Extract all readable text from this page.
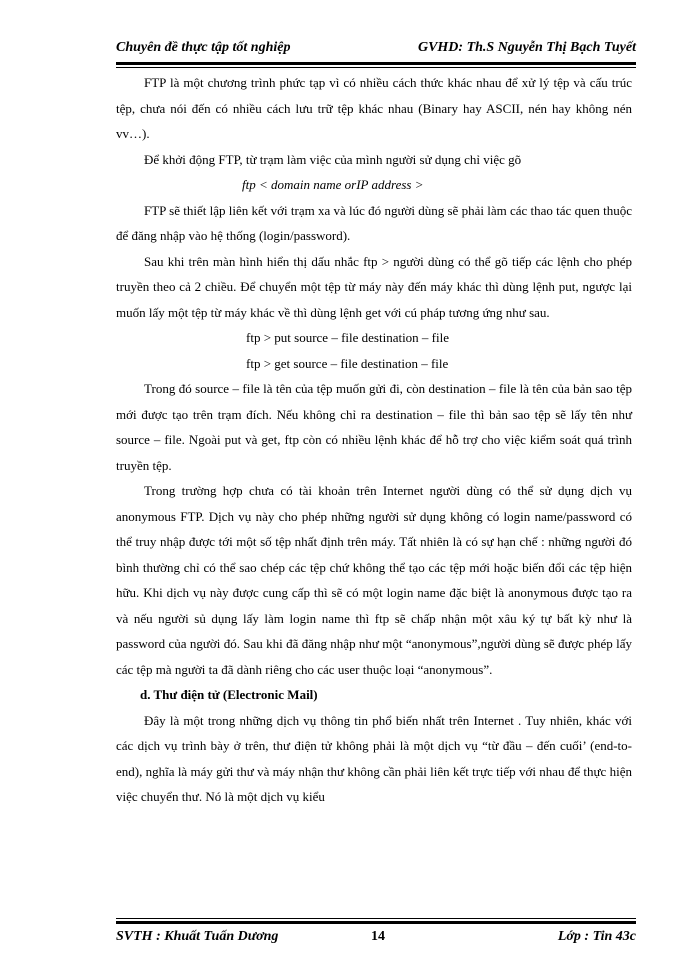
Chuyên đề thực tập tốt nghiệp	GVHD: Th.S Nguyễn Thị Bạch Tuyết

FTP là một chương trình phức tạp vì có nhiều cách thức khác nhau để xử lý tệp và cấu trúc tệp, chưa nói đến có nhiều cách lưu trữ tệp khác nhau (Binary hay ASCII, nén hay không nén vv…).

Để khởi động FTP, từ trạm làm việc của mình người sử dụng chỉ việc gõ

ftp < domain name orIP address >

FTP sẽ thiết lập liên kết với trạm xa và lúc đó người dùng sẽ phải làm các thao tác quen thuộc để đăng nhập vào hệ thống (login/password).

Sau khi trên màn hình hiển thị dấu nhắc ftp > người dùng có thể gõ tiếp các lệnh cho phép truyền theo cả 2 chiều. Để chuyển một tệp từ máy này đến máy khác thì dùng lệnh put, ngược lại muốn lấy một tệp từ máy khác về thì dùng lệnh get với cú pháp tương ứng như sau.

ftp > put source – file destination – file

ftp > get source – file destination – file

Trong đó source – file là tên của tệp muốn gửi đi, còn destination – file là tên của bản sao tệp mới được tạo trên trạm đích. Nếu không chỉ ra destination – file thì bản sao tệp sẽ lấy tên như source – file. Ngoài put và get, ftp còn có nhiều lệnh khác để hỗ trợ cho việc kiểm soát quá trình truyền tệp.

Trong trường hợp chưa có tài khoản trên Internet người dùng có thể sử dụng dịch vụ anonymous FTP. Dịch vụ này cho phép những người sử dụng không có login name/password có thể truy nhập được tới một số tệp nhất định trên máy. Tất nhiên là có sự hạn chế : những người đó bình thường chỉ có thể sao chép các tệp chứ không thể tạo các tệp mới hoặc biến đổi các tệp hiện hữu. Khi dịch vụ này được cung cấp thì sẽ có một login name đặc biệt là anonymous được tạo ra và nếu người sủ dụng lấy làm login name thì ftp sẽ chấp nhận một xâu ký tự bất kỳ như là password của người đó. Sau khi đã đăng nhập như một “anonymous”,người dùng sẽ được phép lấy các tệp mà người ta đã dành riêng cho các user thuộc loại “anonymous”.

d. Thư điện tử (Electronic Mail)

Đây là một trong những dịch vụ thông tin phổ biến nhất trên Internet . Tuy nhiên, khác với các dịch vụ trình bày ở trên, thư điện tử không phải là một dịch vụ “từ đầu – đến cuối’ (end-to-end), nghĩa là máy gửi thư và máy nhận thư không cần phải liên kết trực tiếp với nhau để thực hiện việc chuyển thư. Nó là một dịch vụ kiểu

SVTH : Khuất Tuấn Dương	14	Lớp : Tin 43c
